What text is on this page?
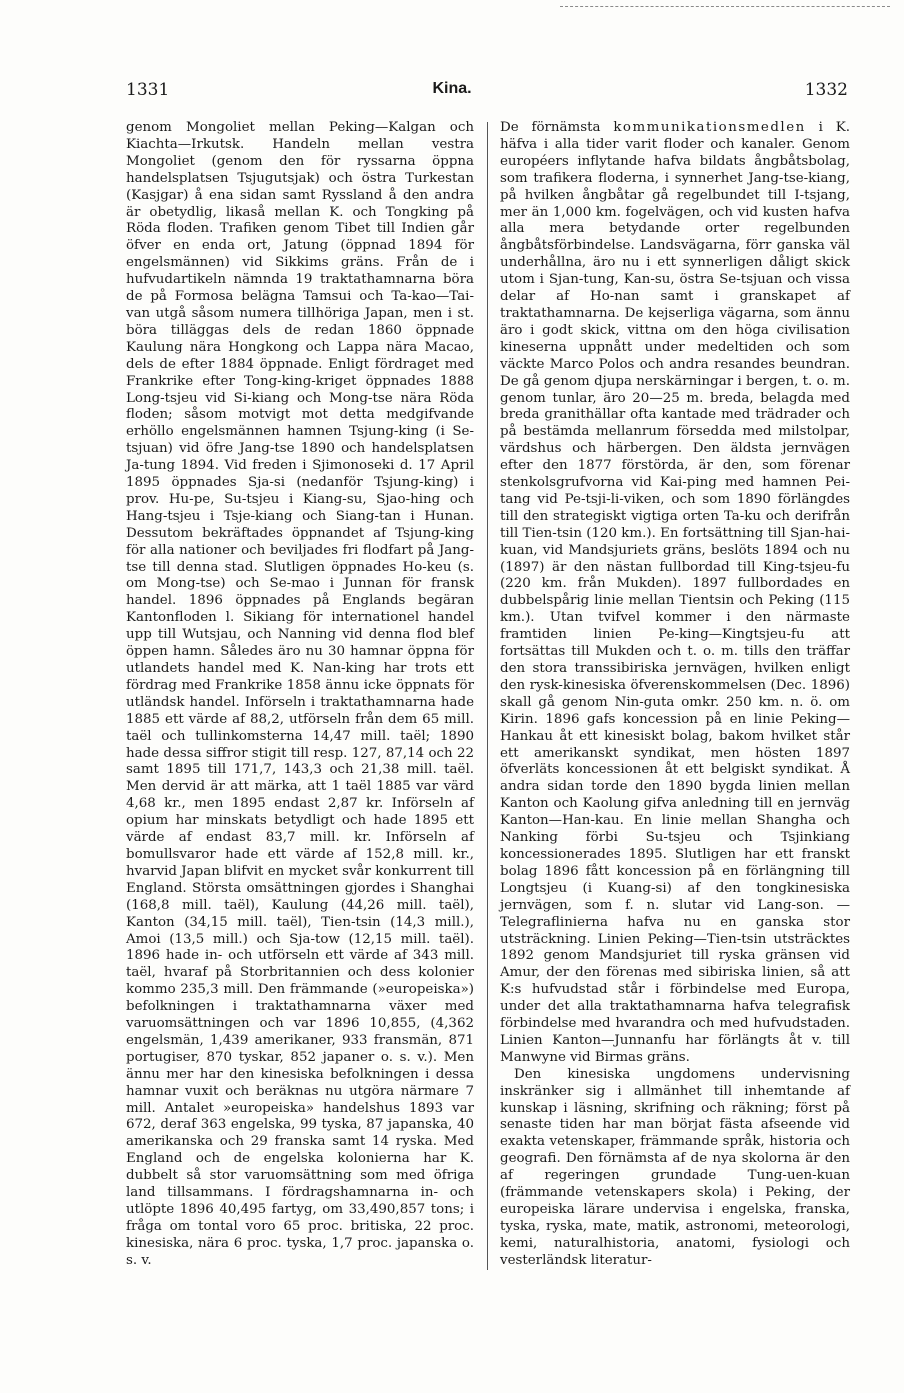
1331	Kina.	1332

genom Mongoliet mellan Peking—Kalgan och Kiachta—Irkutsk. Handeln mellan vestra Mongoliet (genom den för ryssarna öppna handelsplatsen Tsjugutsjak) och östra Turkestan (Kasjgar) å ena sidan samt Ryssland å den andra är obetydlig, likaså mellan K. och Tongking på Röda floden. Trafiken genom Tibet till Indien går öfver en enda ort, Jatung (öppnad 1894 för engelsmännen) vid Sikkims gräns. Från de i hufvudartikeln nämnda 19 traktathamnarna böra de på Formosa belägna Tamsui och Ta-kao—Tai-van utgå såsom numera tillhöriga Japan, men i st. böra tilläggas dels de redan 1860 öppnade Kaulung nära Hongkong och Lappa nära Macao, dels de efter 1884 öppnade. Enligt fördraget med Frankrike efter Tong-king-kriget öppnades 1888 Long-tsjeu vid Si-kiang och Mong-tse nära Röda floden; såsom motvigt mot detta medgifvande erhöllo engelsmännen hamnen Tsjung-king (i Se-tsjuan) vid öfre Jang-tse 1890 och handelsplatsen Ja-tung 1894. Vid freden i Sjimonoseki d. 17 April 1895 öppnades Sja-si (nedanför Tsjung-king) i prov. Hu-pe, Su-tsjeu i Kiang-su, Sjao-hing och Hang-tsjeu i Tsje-kiang och Siang-tan i Hunan. Dessutom bekräftades öppnandet af Tsjung-king för alla nationer och beviljades fri flodfart på Jang-tse till denna stad. Slutligen öppnades Ho-keu (s. om Mong-tse) och Se-mao i Junnan för fransk handel. 1896 öppnades på Englands begäran Kantonfloden l. Sikiang för internationel handel upp till Wutsjau, och Nanning vid denna flod blef öppen hamn. Således äro nu 30 hamnar öppna för utlandets handel med K. Nan-king har trots ett fördrag med Frankrike 1858 ännu icke öppnats för utländsk handel. Införseln i traktathamnarna hade 1885 ett värde af 88,2, utförseln från dem 65 mill. taël och tullinkomsterna 14,47 mill. taël; 1890 hade dessa siffror stigit till resp. 127, 87,14 och 22 samt 1895 till 171,7, 143,3 och 21,38 mill. taël. Men dervid är att märka, att 1 taël 1885 var värd 4,68 kr., men 1895 endast 2,87 kr. Införseln af opium har minskats betydligt och hade 1895 ett värde af endast 83,7 mill. kr. Införseln af bomullsvaror hade ett värde af 152,8 mill. kr., hvarvid Japan blifvit en mycket svår konkurrent till England. Största omsättningen gjordes i Shanghai (168,8 mill. taël), Kaulung (44,26 mill. taël), Kanton (34,15 mill. taël), Tien-tsin (14,3 mill.), Amoi (13,5 mill.) och Sja-tow (12,15 mill. taël). 1896 hade in- och utförseln ett värde af 343 mill. taël, hvaraf på Storbritannien och dess kolonier kommo 235,3 mill. Den främmande (»europeiska») befolkningen i traktathamnarna växer med varuomsättningen och var 1896 10,855, (4,362 engelsmän, 1,439 amerikaner, 933 fransmän, 871 portugiser, 870 tyskar, 852 japaner o. s. v.). Men ännu mer har den kinesiska befolkningen i dessa hamnar vuxit och beräknas nu utgöra närmare 7 mill. Antalet »europeiska» handelshus 1893 var 672, deraf 363 engelska, 99 tyska, 87 japanska, 40 amerikanska och 29 franska samt 14 ryska. Med England och de engelska kolonierna har K. dubbelt så stor varuomsättning som med öfriga land tillsammans. I fördragshamnarna in- och utlöpte 1896 40,495 fartyg, om 33,490,857 tons; i fråga om tontal voro 65 proc. britiska, 22 proc. kinesiska, nära 6 proc. tyska, 1,7 proc. japanska o. s. v.

De förnämsta kommunikationsmedlen i K. häfva i alla tider varit floder och kanaler. Genom européers inflytande hafva bildats ångbåtsbolag, som trafikera floderna, i synnerhet Jang-tse-kiang, på hvilken ångbåtar gå regelbundet till I-tsjang, mer än 1,000 km. fogelvägen, och vid kusten hafva alla mera betydande orter regelbunden ångbåtsförbindelse. Landsvägarna, förr ganska väl underhållna, äro nu i ett synnerligen dåligt skick utom i Sjan-tung, Kan-su, östra Se-tsjuan och vissa delar af Ho-nan samt i granskapet af traktathamnarna. De kejserliga vägarna, som ännu äro i godt skick, vittna om den höga civilisation kineserna uppnått under medeltiden och som väckte Marco Polos och andra resandes beundran. De gå genom djupa nerskärningar i bergen, t. o. m. genom tunlar, äro 20—25 m. breda, belagda med breda granithällar ofta kantade med trädrader och på bestämda mellanrum försedda med milstolpar, värdshus och härbergen. Den äldsta jernvägen efter den 1877 förstörda, är den, som förenar stenkolsgrufvorna vid Kai-ping med hamnen Pei-tang vid Pe-tsji-li-viken, och som 1890 förlängdes till den strategiskt vigtiga orten Ta-ku och derifrån till Tien-tsin (120 km.). En fortsättning till Sjan-hai-kuan, vid Mandsjuriets gräns, beslöts 1894 och nu (1897) är den nästan fullbordad till King-tsjeu-fu (220 km. från Mukden). 1897 fullbordades en dubbelspårig linie mellan Tientsin och Peking (115 km.). Utan tvifvel kommer i den närmaste framtiden linien Pe-king—Kingtsjeu-fu att fortsättas till Mukden och t. o. m. tills den träffar den stora transsibiriska jernvägen, hvilken enligt den rysk-kinesiska öfverenskommelsen (Dec. 1896) skall gå genom Nin-guta omkr. 250 km. n. ö. om Kirin. 1896 gafs koncession på en linie Peking—Hankau åt ett kinesiskt bolag, bakom hvilket står ett amerikanskt syndikat, men hösten 1897 öfverläts koncessionen åt ett belgiskt syndikat. Å andra sidan torde den 1890 bygda linien mellan Kanton och Kaolung gifva anledning till en jernväg Kanton—Han-kau. En linie mellan Shangha och Nanking förbi Su-tsjeu och Tsjinkiang koncessionerades 1895. Slutligen har ett franskt bolag 1896 fått koncession på en förlängning till Longtsjeu (i Kuang-si) af den tongkinesiska jernvägen, som f. n. slutar vid Lang-son. — Telegraflinierna hafva nu en ganska stor utsträckning. Linien Peking—Tien-tsin utsträcktes 1892 genom Mandsjuriet till ryska gränsen vid Amur, der den förenas med sibiriska linien, så att K:s hufvudstad står i förbindelse med Europa, under det alla traktathamnarna hafva telegrafisk förbindelse med hvarandra och med hufvudstaden. Linien Kanton—Junnanfu har förlängts åt v. till Manwyne vid Birmas gräns.

Den kinesiska ungdomens undervisning inskränker sig i allmänhet till inhemtande af kunskap i läsning, skrifning och räkning; först på senaste tiden har man börjat fästa afseende vid exakta vetenskaper, främmande språk, historia och geografi. Den förnämsta af de nya skolorna är den af regeringen grundade Tung-uen-kuan (främmande vetenskapers skola) i Peking, der europeiska lärare undervisa i engelska, franska, tyska, ryska, mate, matik, astronomi, meteorologi, kemi, naturalhistoria, anatomi, fysiologi och vesterländsk literatur-
